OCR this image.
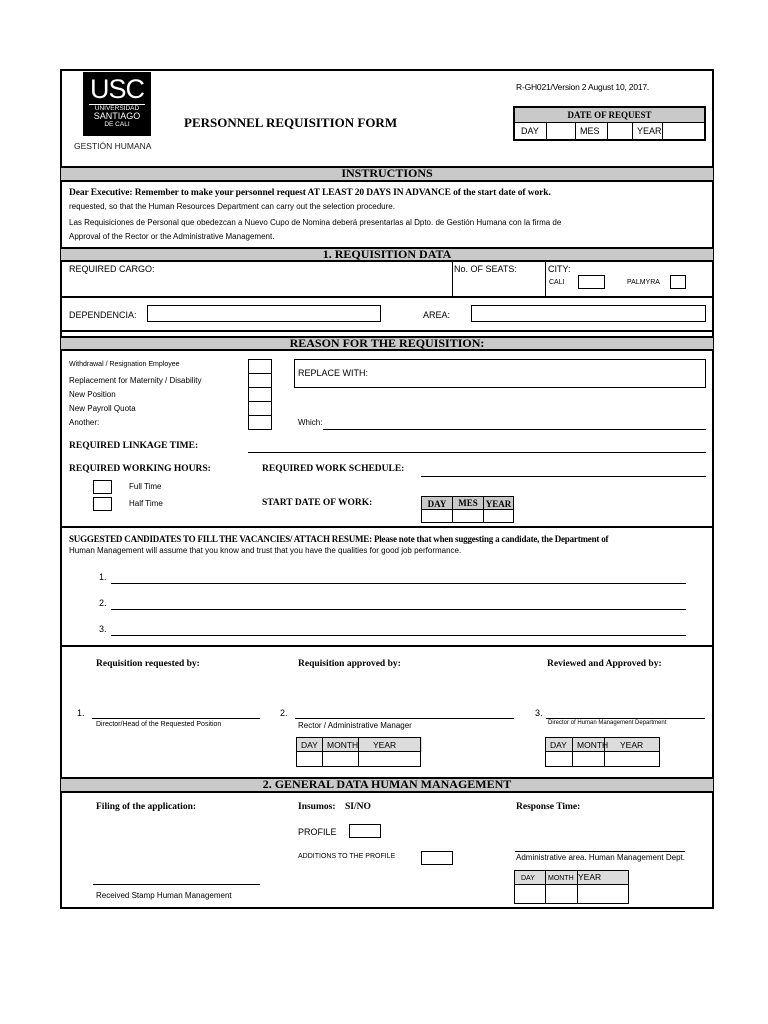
USC
UNIVERSIDAD
SANTIAGO
DE CALI
GESTIÓN HUMANA
PERSONNEL REQUISITION FORM
R-GH021/Version 2 August 10, 2017.
DATE OF REQUEST
DAY	MES	YEAR
INSTRUCTIONS
Dear Executive: Remember to make your personnel request AT LEAST 20 DAYS IN ADVANCE of the start date of work.
requested, so that the Human Resources Department can carry out the selection procedure.
Las Requisiciones de Personal que obedezcan a Nuevo Cupo de Nomina deberá presentarlas al Dpto. de Gestión Humana con la firma de
Approval of the Rector or the Administrative Management.
1. REQUISITION DATA
REQUIRED CARGO:	No. OF SEATS:	CITY:
CALI	PALMYRA
DEPENDENCIA:	AREA:
REASON FOR THE REQUISITION:
Withdrawal / Resignation Employee
Replacement for Maternity / Disability
New Position
New Payroll Quota
Another:
REPLACE WITH:
Which:
REQUIRED LINKAGE TIME:
REQUIRED WORKING HOURS:	REQUIRED WORK SCHEDULE:
Full Time
Half Time	START DATE OF WORK:	DAY	MES YEAR
SUGGESTED CANDIDATES TO FILL THE VACANCIES/ ATTACH RESUME: Please note that when suggesting a candidate, the Department of
Human Management will assume that you know and trust that you have the qualities for good job performance.
1.
2.
3.
Requisition requested by:	Requisition approved by:	Reviewed and Approved by:
1.
Director/Head of the Requested Position
2.
Rector / Administrative Manager
3.
Director of Human Management Department
DAY	MONTH	YEAR	DAY	MONTH	YEAR
2. GENERAL DATA HUMAN MANAGEMENT
Filing of the application:	Insumos: SI/NO	Response Time:
PROFILE
ADDITIONS TO THE PROFILE	Administrative area. Human Management Dept.
DAY	MONTH YEAR
Received Stamp Human Management
